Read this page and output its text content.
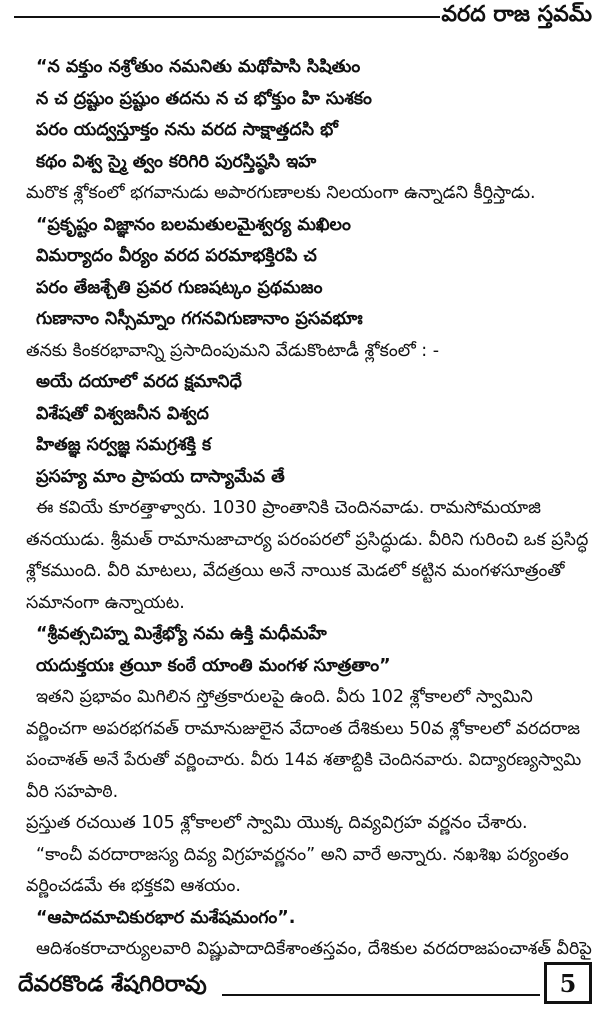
వరద రాజ స్తవమ్
“న వక్తుం నశ్రోతుం నమనితు మథోపాసి సిషితుం
న చ ద్రష్టుం ప్రష్టుం తదను న చ భోక్తుం హి సుశకం
పరం యద్వస్తూక్తం నను వరద సాక్షాత్తదసి భో
కథం విశ్వ స్మై త్వం కరిగిరి పురస్తిష్ఠసి ఇహ
మరొక శ్లోకంలో భగవానుడు అపారగుణాలకు నిలయంగా ఉన్నాడని కీర్తిస్తాడు.
“ప్రకృష్టం విజ్ఞానం బలమతులమైశ్వర్య మఖిలం
విమర్యాదం వీర్యం వరద పరమాభక్తిరపి చ
పరం తేజశ్చేతి ప్రవర గుణషట్కం ప్రథమజం
గుణానాం నిస్సీమ్నాం గగనవిగుణానాం ప్రసవభూః
తనకు కింకరభావాన్ని ప్రసాదింపుమని వేడుకొంటాడీ శ్లోకంలో : -
అయే దయాలో వరద క్షమానిధే
విశేషతో విశ్వజనీన విశ్వద
హితజ్ఞ సర్వజ్ఞ సమగ్రశక్తి క
ప్రసహ్య మాం ప్రాపయ దాస్యామేవ తే
ఈ కవియే కూరత్తాళ్వారు. 1030 ప్రాంతానికి చెందినవాడు. రామసోమయాజి
తనయుడు. శ్రీమత్ రామానుజాచార్య పరంపరలో ప్రసిద్ధుడు. వీరిని గురించి ఒక ప్రసిద్ధ
శ్లోకముంది. వీరి మాటలు, వేదత్రయి అనే నాయిక మెడలో కట్టిన మంగళసూత్రంతో
సమానంగా ఉన్నాయట.
“శ్రీవత్సచిహ్న మిశ్రేభ్యో నమ ఉక్తి మధీమహే
యదుక్తయః త్రయీ కంఠే యాంతి మంగళ సూత్రతాం”
ఇతని ప్రభావం మిగిలిన స్తోత్రకారులపై ఉంది. వీరు 102 శ్లోకాలలో స్వామిని
వర్ణించగా అపరభగవత్ రామానుజులైన వేదాంత దేశికులు 50వ శ్లోకాలలో వరదరాజ
పంచాశత్ అనే పేరుతో వర్ణించారు. వీరు 14వ శతాబ్దికి చెందినవారు. విద్యారణ్యస్వామి
వీరి సహపాఠి.
ప్రస్తుత రచయిత 105 శ్లోకాలలో స్వామి యొక్క దివ్యవిగ్రహ వర్ణనం చేశారు.
“కాంచీ వరదారాజస్య దివ్య విగ్రహవర్ణనం” అని వారే అన్నారు. నఖశిఖ పర్యంతం
వర్ణించడమే ఈ భక్తకవి ఆశయం.
“ఆపాదమాచికురభార మశేషమంగం”.
ఆదిశంకరాచార్యులవారి విష్ణుపాదాదికేశాంతస్తవం, దేశికుల వరదరాజపంచాశత్ వీరిపై
దేవరకొండ శేషగిరిరావు	5
